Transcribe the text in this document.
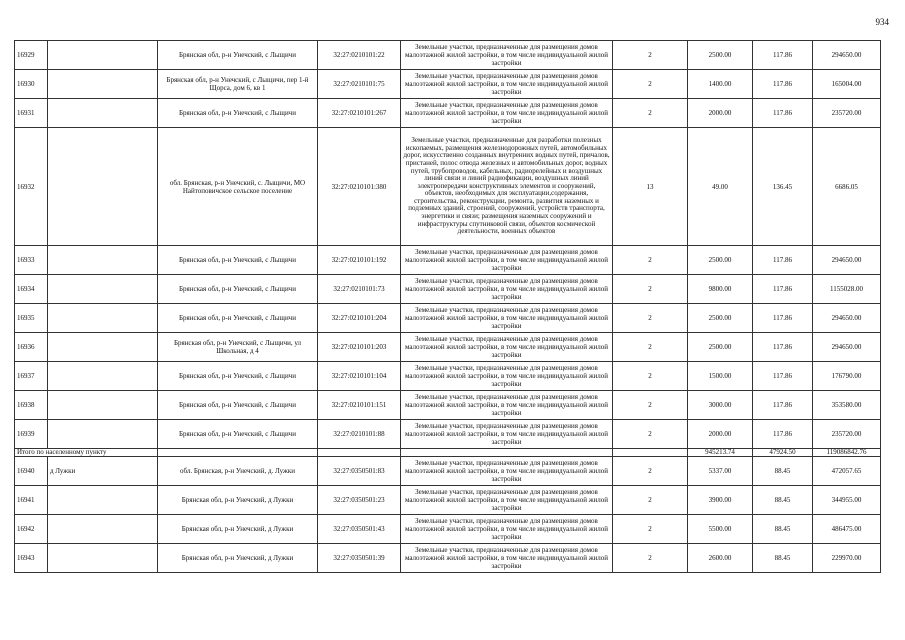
934
16929		Брянская обл, р-н Унечский, с Лыщичи	32:27:0210101:22	Земельные участки, предназначенные для размещения домов малоэтажной жилой застройки, в том числе индивидуальной жилой застройки	2	2500.00	117.86	294650.00
16930		Брянская обл, р-н Унечский, с Лыщичи, пер 1-й Щорса, дом 6, кв 1	32:27:0210101:75	Земельные участки, предназначенные для размещения домов малоэтажной жилой застройки, в том числе индивидуальной жилой застройки	2	1400.00	117.86	165004.00
16931		Брянская обл, р-н Унечский, с Лыщичи	32:27:0210101:267	Земельные участки, предназначенные для размещения домов малоэтажной жилой застройки, в том числе индивидуальной жилой застройки	2	2000.00	117.86	235720.00
16932		обл. Брянская, р-н Унечский, с. Лыщичи, МО Найтоповичское сельское поселение	32:27:0210101:380	Земельные участки, предназначенные для разработки полезных ископаемых, размещения железнодорожных путей, автомобильных дорог, искусственно созданных внутренних водных путей, причалов, пристаней, полос отвода железных и автомобильных дорог, водных путей, трубопроводов, кабельных, радиорелейных и воздушных линий связи и линий радиофикации, воздушных линий электропередачи конструктивных элементов и сооружений, объектов, необходимых для эксплуатации,содержания, строительства, реконструкции, ремонта, развития наземных и подземных зданий, строений, сооружений, устройств транспорта, энергетики и связи; размещения наземных сооружений и инфраструктуры спутниковой связи, объектов космической деятельности, военных объектов	13	49.00	136.45	6686.05
16933		Брянская обл, р-н Унечский, с Лыщичи	32:27:0210101:192	Земельные участки, предназначенные для размещения домов малоэтажной жилой застройки, в том числе индивидуальной жилой застройки	2	2500.00	117.86	294650.00
16934		Брянская обл, р-н Унечский, с Лыщичи	32:27:0210101:73	Земельные участки, предназначенные для размещения домов малоэтажной жилой застройки, в том числе индивидуальной жилой застройки	2	9800.00	117.86	1155028.00
16935		Брянская обл, р-н Унечский, с Лыщичи	32:27:0210101:204	Земельные участки, предназначенные для размещения домов малоэтажной жилой застройки, в том числе индивидуальной жилой застройки	2	2500.00	117.86	294650.00
16936		Брянская обл, р-н Унечский, с Лыщичи, ул Школьная, д 4	32:27:0210101:203	Земельные участки, предназначенные для размещения домов малоэтажной жилой застройки, в том числе индивидуальной жилой застройки	2	2500.00	117.86	294650.00
16937		Брянская обл, р-н Унечский, с Лыщичи	32:27:0210101:104	Земельные участки, предназначенные для размещения домов малоэтажной жилой застройки, в том числе индивидуальной жилой застройки	2	1500.00	117.86	176790.00
16938		Брянская обл, р-н Унечский, с Лыщичи	32:27:0210101:151	Земельные участки, предназначенные для размещения домов малоэтажной жилой застройки, в том числе индивидуальной жилой застройки	2	3000.00	117.86	353580.00
16939		Брянская обл, р-н Унечский, с Лыщичи	32:27:0210101:88	Земельные участки, предназначенные для размещения домов малоэтажной жилой застройки, в том числе индивидуальной жилой застройки	2	2000.00	117.86	235720.00
Итого по населенному пункту						945213.74	47924.50	119086842.76
16940	д Лужки	обл. Брянская, р-н Унечский, д. Лужки	32:27:0350501:83	Земельные участки, предназначенные для размещения домов малоэтажной жилой застройки, в том числе индивидуальной жилой застройки	2	5337.00	88.45	472057.65
16941		Брянская обл, р-н Унечский, д Лужки	32:27:0350501:23	Земельные участки, предназначенные для размещения домов малоэтажной жилой застройки, в том числе индивидуальной жилой застройки	2	3900.00	88.45	344955.00
16942		Брянская обл, р-н Унечский, д Лужки	32:27:0350501:43	Земельные участки, предназначенные для размещения домов малоэтажной жилой застройки, в том числе индивидуальной жилой застройки	2	5500.00	88.45	486475.00
16943		Брянская обл, р-н Унечский, д Лужки	32:27:0350501:39	Земельные участки, предназначенные для размещения домов малоэтажной жилой застройки, в том числе индивидуальной жилой застройки	2	2600.00	88.45	229970.00
